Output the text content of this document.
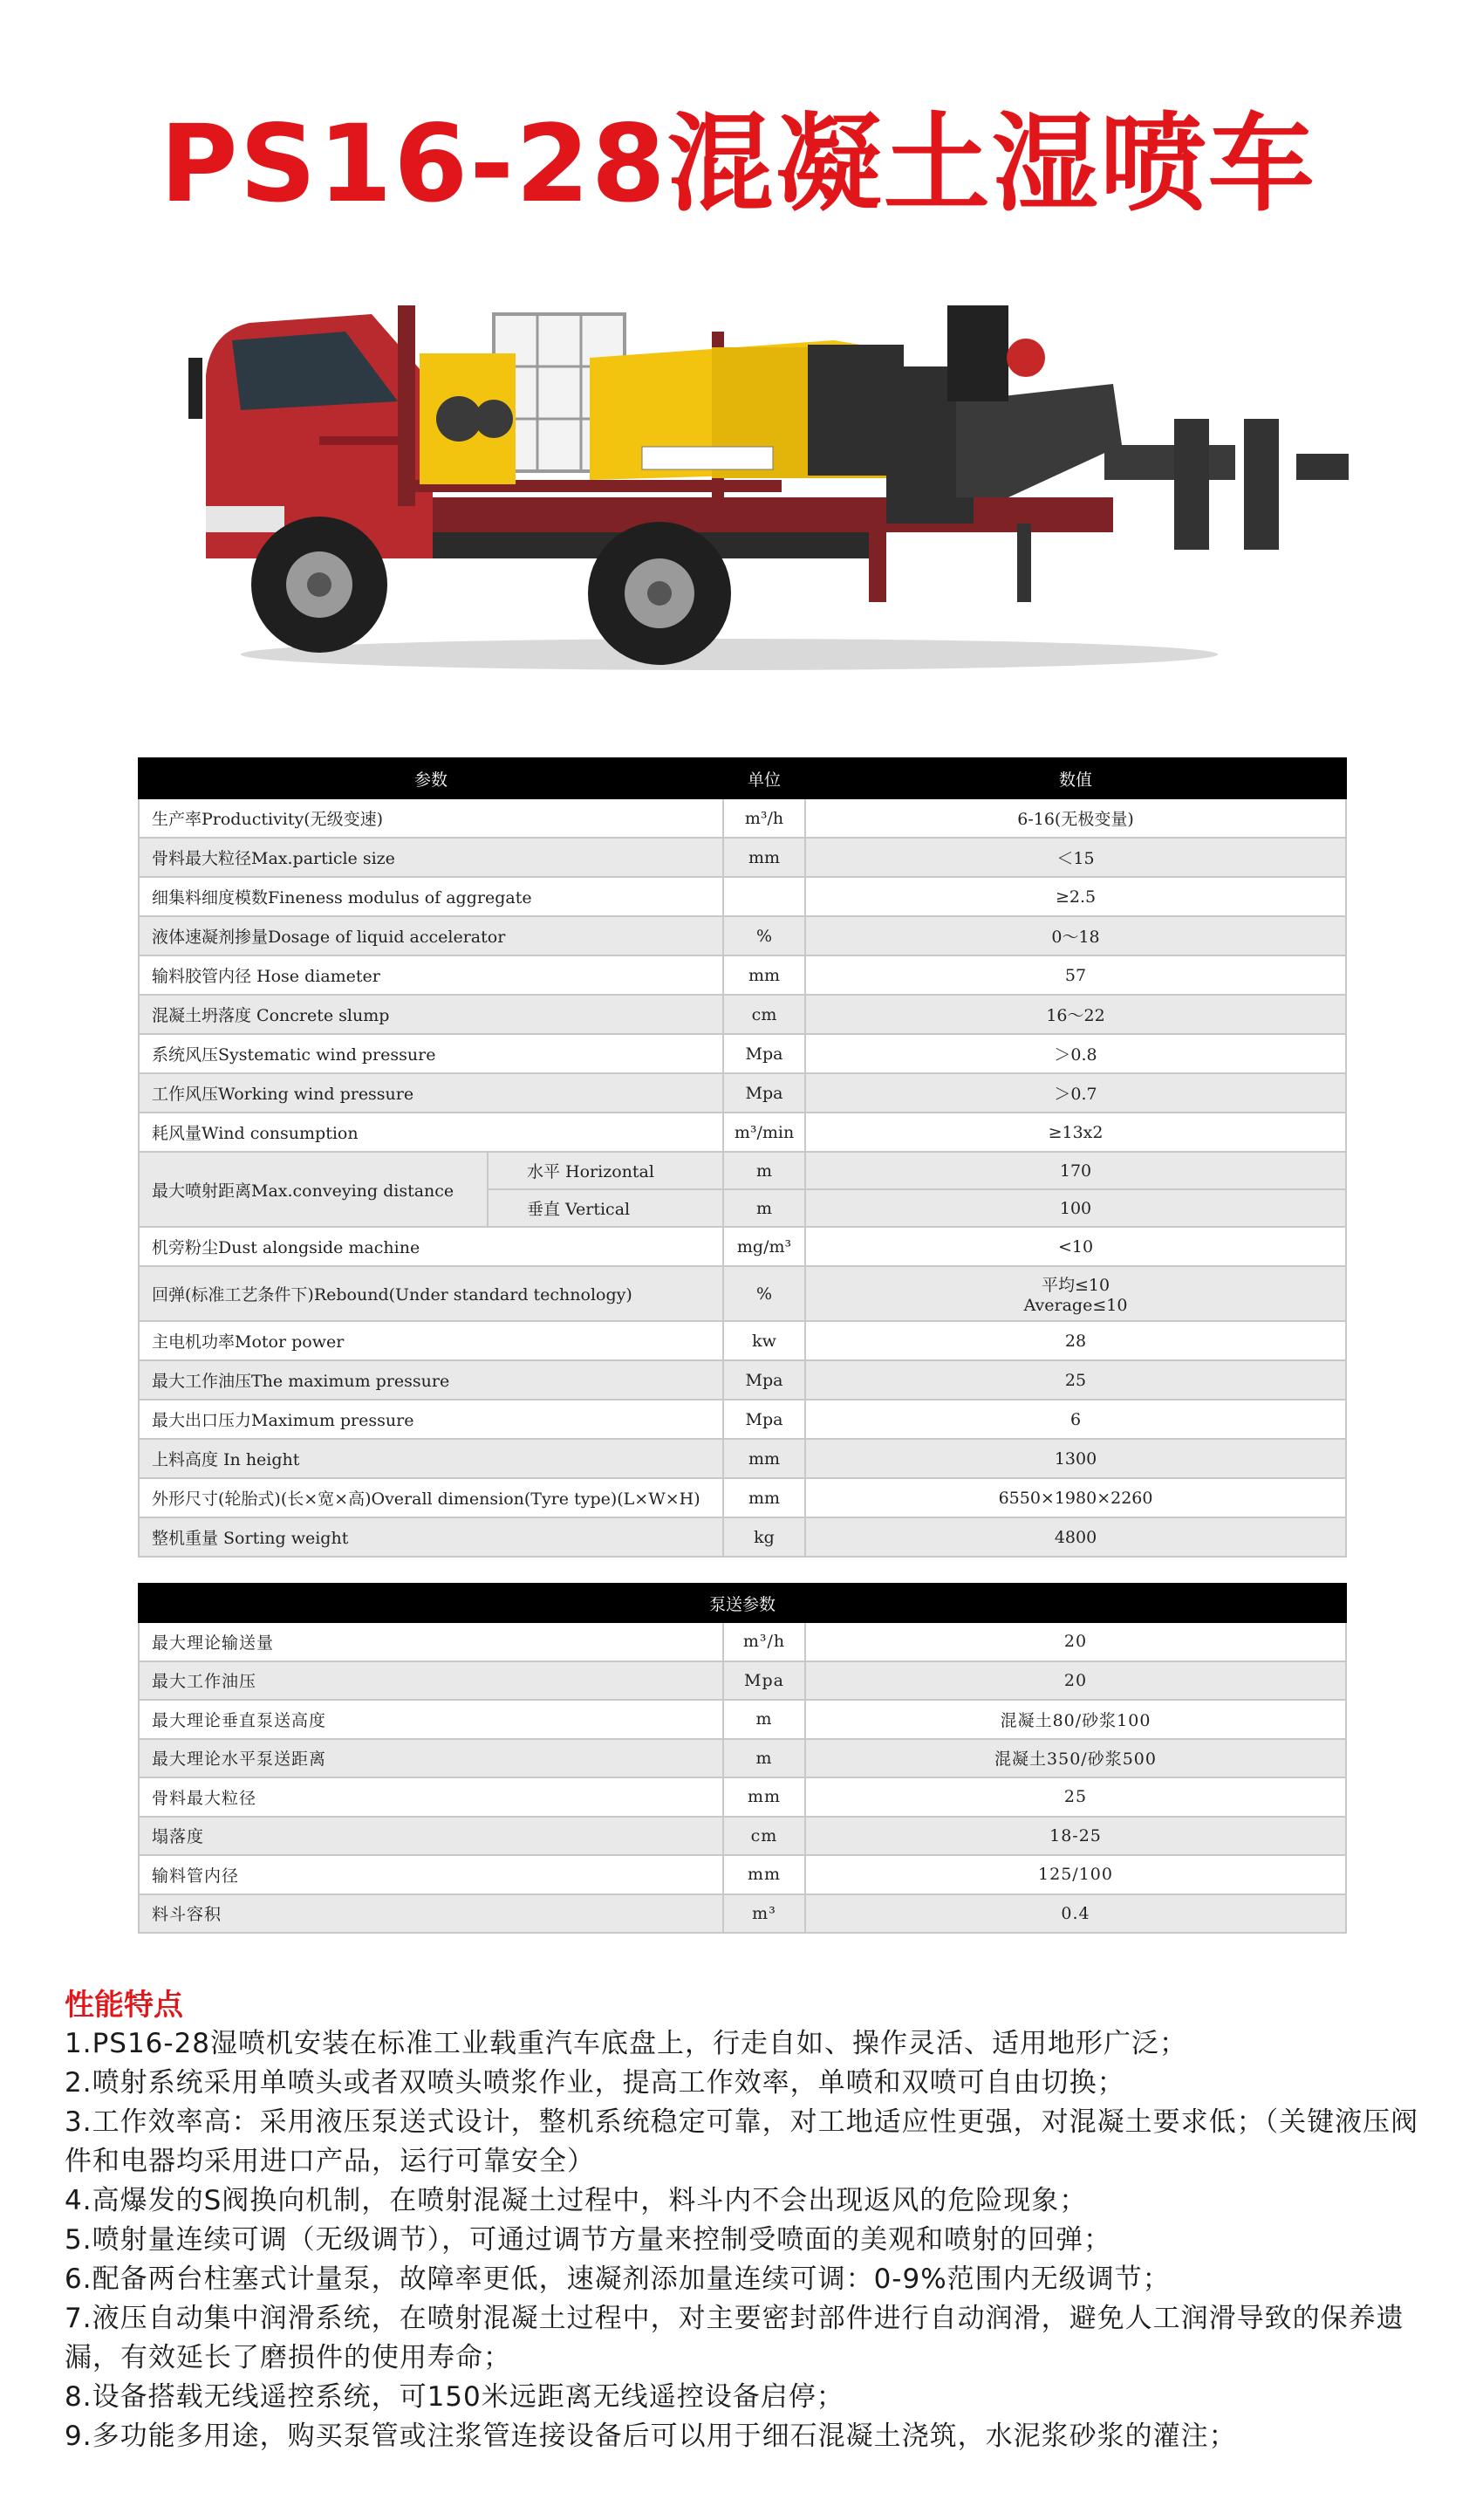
PS16-28混凝土湿喷车
参数		单位	数值
生产率Productivity(无级变速)		m³/h	6-16(无极变量)
骨料最大粒径Max.particle size		mm	＜15
细集料细度模数Fineness modulus of aggregate			≥2.5
液体速凝剂掺量Dosage of liquid accelerator		%	0～18
输料胶管内径 Hose diameter		mm	57
混凝土坍落度 Concrete slump		cm	16～22
系统风压Systematic wind pressure		Mpa	＞0.8
工作风压Working wind pressure		Mpa	＞0.7
耗风量Wind consumption		m³/min	≥13x2
最大喷射距离Max.conveying distance	水平 Horizontal	m	170
	垂直 Vertical	m	100
机旁粉尘Dust alongside machine		mg/m³	<10
回弹(标准工艺条件下)Rebound(Under standard technology)		%	平均≤10
Average≤10

主电机功率Motor power		kw	28
最大工作油压The maximum pressure		Mpa	25
最大出口压力Maximum pressure		Mpa	6
上料高度 In height		mm	1300
外形尺寸(轮胎式)(长×宽×高)Overall dimension(Tyre type)(L×W×H)		mm	6550×1980×2260
整机重量 Sorting weight		kg	4800
泵送参数		
最大理论输送量	m³/h	20
最大工作油压	Mpa	20
最大理论垂直泵送高度	m	混凝土80/砂浆100
最大理论水平泵送距离	m	混凝土350/砂浆500
骨料最大粒径	mm	25
塌落度	cm	18-25
输料管内径	mm	125/100
料斗容积	m³	0.4
性能特点
1.PS16-28湿喷机安装在标准工业载重汽车底盘上，行走自如、操作灵活、适用地形广泛；
2.喷射系统采用单喷头或者双喷头喷浆作业，提高工作效率，单喷和双喷可自由切换；
3.工作效率高：采用液压泵送式设计，整机系统稳定可靠，对工地适应性更强，对混凝土要求低；（关键液压阀件和电器均采用进口产品，运行可靠安全）
4.高爆发的S阀换向机制，在喷射混凝土过程中，料斗内不会出现返风的危险现象；
5.喷射量连续可调（无级调节），可通过调节方量来控制受喷面的美观和喷射的回弹；
6.配备两台柱塞式计量泵，故障率更低，速凝剂添加量连续可调：0-9%范围内无级调节；
7.液压自动集中润滑系统，在喷射混凝土过程中，对主要密封部件进行自动润滑，避免人工润滑导致的保养遗漏，有效延长了磨损件的使用寿命；
8.设备搭载无线遥控系统，可150米远距离无线遥控设备启停；
9.多功能多用途，购买泵管或注浆管连接设备后可以用于细石混凝土浇筑，水泥浆砂浆的灌注；
